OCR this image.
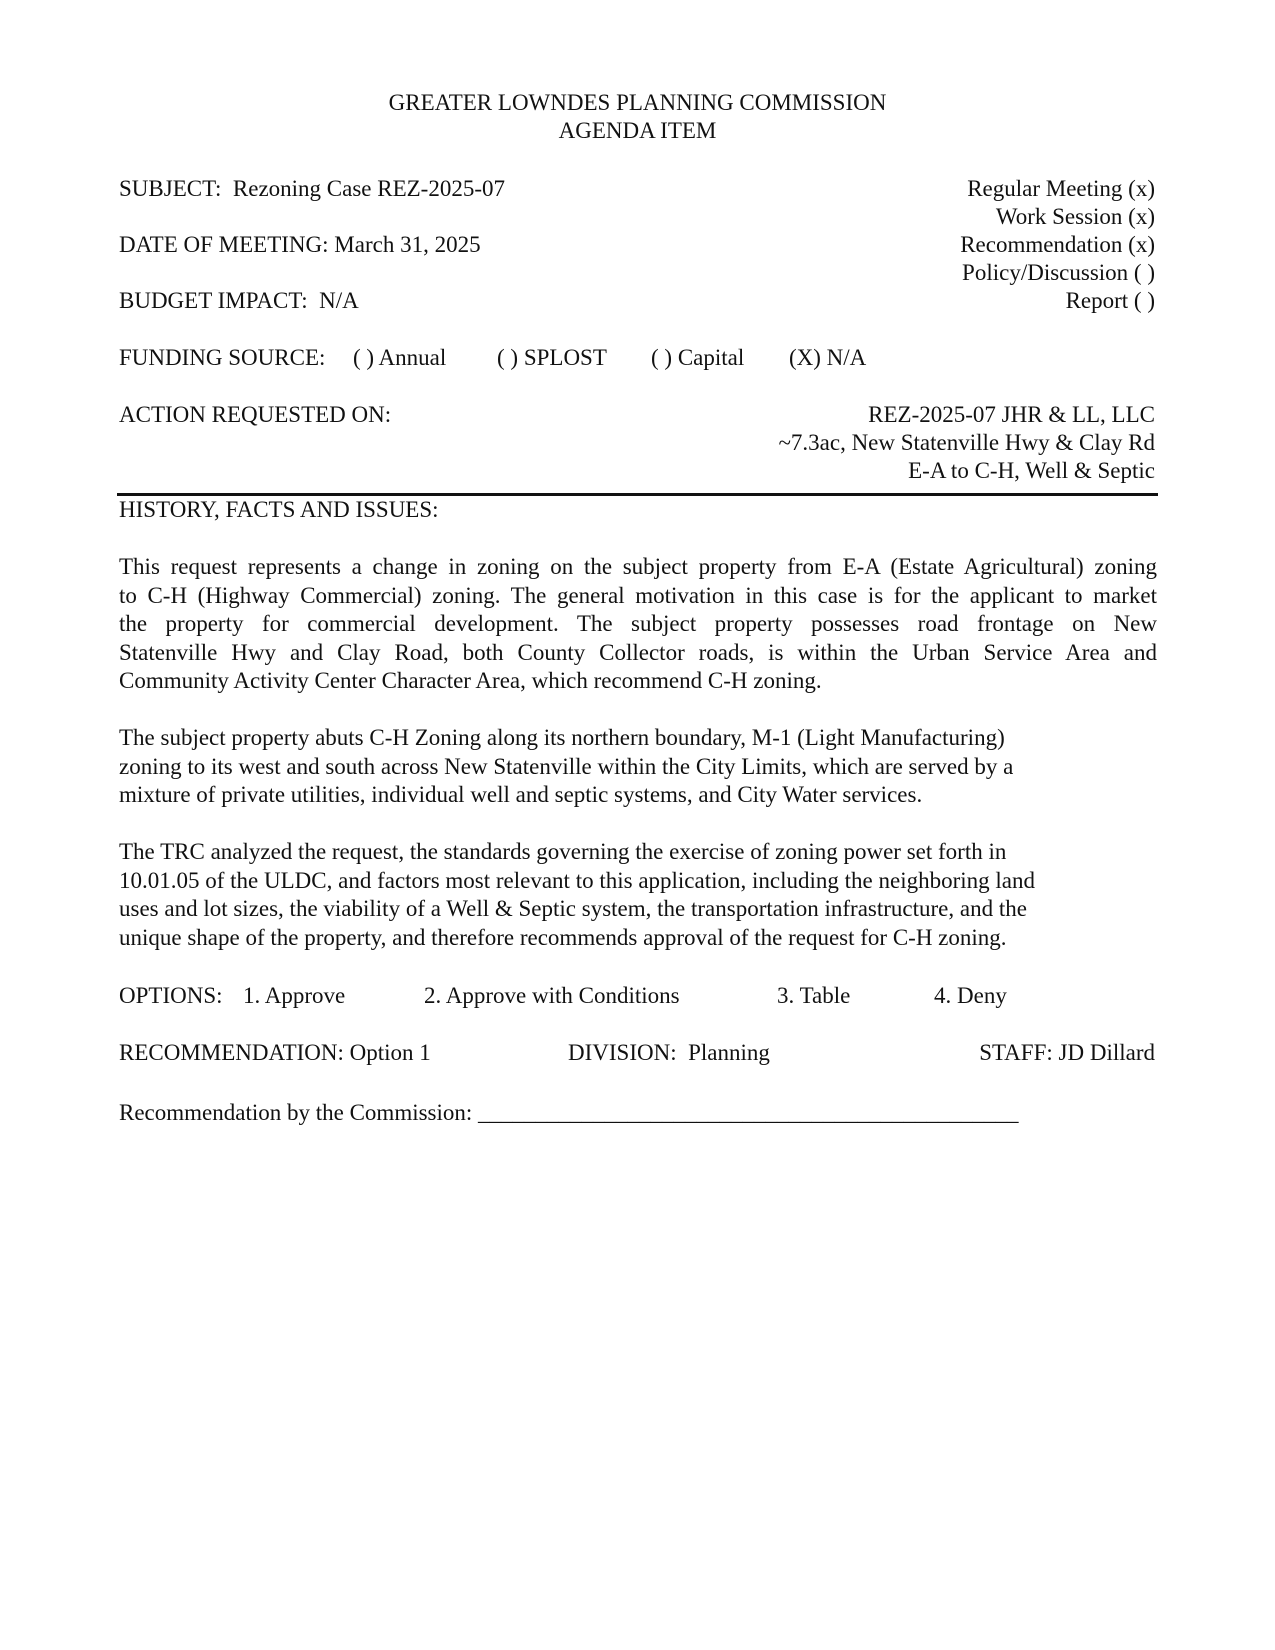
GREATER LOWNDES PLANNING COMMISSION
AGENDA ITEM
SUBJECT: Rezoning Case REZ-2025-07	Regular Meeting (x)
Work Session (x)
Recommendation (x)
Policy/Discussion ( )
Report ( )
DATE OF MEETING: March 31, 2025
BUDGET IMPACT: N/A
FUNDING SOURCE: ( ) Annual ( ) SPLOST ( ) Capital (X) N/A
ACTION REQUESTED ON:	REZ-2025-07 JHR & LL, LLC
~7.3ac, New Statenville Hwy & Clay Rd
E-A to C-H, Well & Septic
HISTORY, FACTS AND ISSUES:
This request represents a change in zoning on the subject property from E-A (Estate Agricultural) zoning
to C-H (Highway Commercial) zoning. The general motivation in this case is for the applicant to market
the property for commercial development. The subject property possesses road frontage on New
Statenville Hwy and Clay Road, both County Collector roads, is within the Urban Service Area and
Community Activity Center Character Area, which recommend C-H zoning.
The subject property abuts C-H Zoning along its northern boundary, M-1 (Light Manufacturing)
zoning to its west and south across New Statenville within the City Limits, which are served by a
mixture of private utilities, individual well and septic systems, and City Water services.
The TRC analyzed the request, the standards governing the exercise of zoning power set forth in
10.01.05 of the ULDC, and factors most relevant to this application, including the neighboring land
uses and lot sizes, the viability of a Well & Septic system, the transportation infrastructure, and the
unique shape of the property, and therefore recommends approval of the request for C-H zoning.
OPTIONS: 1. Approve	2. Approve with Conditions	3. Table	4. Deny
RECOMMENDATION: Option 1	DIVISION: Planning	STAFF: JD Dillard
Recommendation by the Commission: _______________________________________________
